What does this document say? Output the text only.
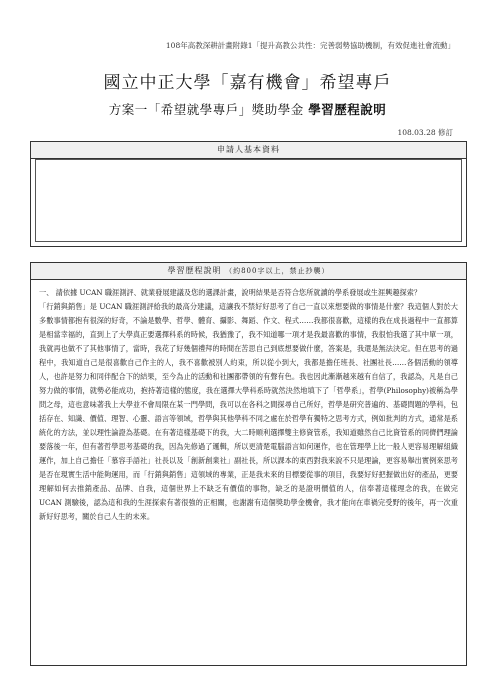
108年高教深耕計畫附錄1「提升高教公共性：完善弱勢協助機制，有效促進社會流動」
國立中正大學「嘉有機會」希望專戶
方案一「希望就學專戶」獎助學金 學習歷程說明
108.03.28 修訂
申請人基本資料
學習歷程說明 （約800字以上，禁止抄襲）

一、 請依據 UCAN 職涯測評、就業發展建議及您的選課計畫，說明結果是否符合您所就讀的學系發展或生涯興趣探索？

「行銷與銷售」是 UCAN 職涯測評給我的最高分建議，這讓我不禁好好思考了自己一直以來想要做的事情是什麼？我這個人對於大多數事情都抱有很深的好奇，不論是數學、哲學、體育、攝影、舞蹈、作文、程式……我都很喜歡，這樣的我在成長過程中一直都算是相當幸福的，直到上了大學真正要選擇科系的時候，我猶豫了，我不知道哪一項才是我最喜歡的事情，我很怕我選了其中單一項，我就再也做不了其他事情了，當時，我花了好幾個禮拜的時間在苦思自己到底想要做什麼，答案是，我還是無法決定。但在思考的過程中，我知道自己是很喜歡自己作主的人，我不喜歡被別人約束，所以從小到大，我都是擔任班長、社團社長……各個活動的領導人，也許是努力和同伴配合下的結果，至今為止的活動和社團都帶領的有聲有色。我也因此漸漸越來越有自信了，我認為，凡是自己努力做的事情，就勢必能成功，抱持著這樣的態度，我在選擇大學科系時就然決然地填下了「哲學系」，哲學(Philosophy)被稱為學問之母，這也意味著我上大學並不會局限在某一門學問，我可以在各科之間探尋自己所好，哲學是研究普遍的、基礎問題的學科，包括存在、知識、價值、理智、心靈、語言等領域，哲學與其他學科不同之處在於哲學有獨特之思考方式，例如批判的方式，通常是系統化的方法，並以理性論證為基礎。在有著這樣基礎下的我，大二時順利選擇雙主修資管系，我知道雖然自己比資管系的同儕們理論要落後一年，但有著哲學思考基礎的我，因為先修過了邏輯，所以更清楚電腦語言如何運作，也在管理學上比一般人更容易理解組織運作，加上自己擔任「慕容手語社」社長以及「創新創業社」副社長，所以課本的東西對我來說不只是理論，更容易舉出實例來思考是否在現實生活中能夠運用，而「行銷與銷售」這領域的專業，正是我未來的目標要從事的項目，我要好好把握做出好的產品，更要理解如何去推銷產品、品牌、自我，這個世界上不缺乏有價值的事物，缺乏的是證明價值的人，信奉著這樣理念的我，在做完 UCAN 測驗後，認為這和我的生涯探索有著很強的正相關，也謝謝有這個獎助學金機會，我才能向在車禍完受野的後年，再一次重新好好思考，關於自己人生的未來。
